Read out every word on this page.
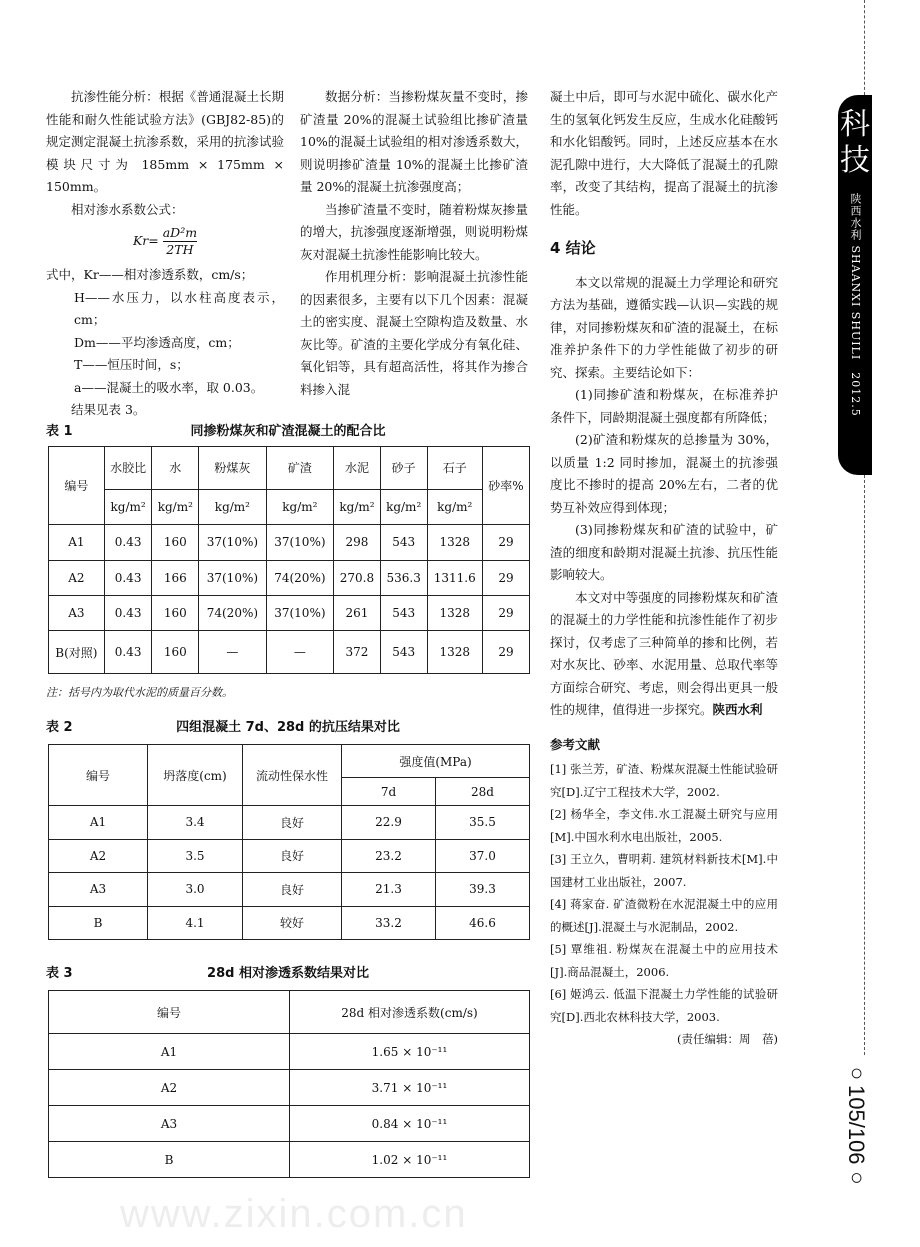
抗渗性能分析：根据《普通混凝土长期性能和耐久性能试验方法》(GBJ82-85)的规定测定混凝土抗渗系数，采用的抗渗试验模块尺寸为 185mm × 175mm × 150mm。

相对渗水系数公式：

$Kr= \frac{\text{aD²m}}{2TH}$

式中，Kr——相对渗透系数，cm/s；

H——水压力，以水柱高度表示，cm；

Dm——平均渗透高度，cm；

T——恒压时间，s；

a——混凝土的吸水率，取 0.03。

结果见表 3。

数据分析：当掺粉煤灰量不变时，掺矿渣量 20%的混凝土试验组比掺矿渣量 10%的混凝土试验组的相对渗透系数大，则说明掺矿渣量 10%的混凝土比掺矿渣量 20%的混凝土抗渗强度高；

当掺矿渣量不变时，随着粉煤灰掺量的增大，抗渗强度逐渐增强，则说明粉煤灰对混凝土抗渗性能影响比较大。

作用机理分析：影响混凝土抗渗性能的因素很多，主要有以下几个因素：混凝土的密实度、混凝土空隙构造及数量、水灰比等。矿渣的主要化学成分有氧化硅、氧化铝等，具有超高活性，将其作为掺合料掺入混

凝土中后，即可与水泥中硫化、碳水化产生的氢氧化钙发生反应，生成水化硅酸钙和水化铝酸钙。同时，上述反应基本在水泥孔隙中进行，大大降低了混凝土的孔隙率，改变了其结构，提高了混凝土的抗渗性能。

4 结论

本文以常规的混凝土力学理论和研究方法为基础，遵循实践—认识—实践的规律，对同掺粉煤灰和矿渣的混凝土，在标准养护条件下的力学性能做了初步的研究、探索。主要结论如下：

(1)同掺矿渣和粉煤灰，在标准养护条件下，同龄期混凝土强度都有所降低；

(2)矿渣和粉煤灰的总掺量为 30%，以质量 1:2 同时掺加，混凝土的抗渗强度比不掺时的提高 20%左右，二者的优势互补效应得到体现；

(3)同掺粉煤灰和矿渣的试验中，矿渣的细度和龄期对混凝土抗渗、抗压性能影响较大。

本文对中等强度的同掺粉煤灰和矿渣的混凝土的力学性能和抗渗性能作了初步探讨，仅考虑了三种简单的掺和比例，若对水灰比、砂率、水泥用量、总取代率等方面综合研究、考虑，则会得出更具一般性的规律，值得进一步探究。陕西水利

参考文献

[1] 张兰芳，矿渣、粉煤灰混凝土性能试验研究[D].辽宁工程技术大学，2002.

[2] 杨华全，李文伟.水工混凝土研究与应用[M].中国水利水电出版社，2005.

[3] 王立久，曹明莉. 建筑材料新技术[M].中国建材工业出版社，2007.

[4] 蒋家奋. 矿渣微粉在水泥混凝土中的应用的概述[J].混凝土与水泥制品，2002.

[5] 覃维祖. 粉煤灰在混凝土中的应用技术[J].商品混凝土，2006.

[6] 姬鸿云. 低温下混凝土力学性能的试验研究[D].西北农林科技大学，2003.

(责任编辑：周　蓓)

表 1	同掺粉煤灰和矿渣混凝土的配合比
编号	水胶比	水	粉煤灰	矿渣	水泥	砂子	石子	砂率%
	kg/m²	kg/m²	kg/m²	kg/m²	kg/m²	kg/m²	kg/m²	
A1	0.43	160	37(10%)	37(10%)	298	543	1328	29
A2	0.43	166	37(10%)	74(20%)	270.8	536.3	1311.6	29
A3	0.43	160	74(20%)	37(10%)	261	543	1328	29
B(对照)	0.43	160	—	—	372	543	1328	29
注：括号内为取代水泥的质量百分数。
表 2	四组混凝土 7d、28d 的抗压结果对比
编号	坍落度(cm)	流动性保水性	强度值(MPa)	
			7d	28d
A1	3.4	良好	22.9	35.5
A2	3.5	良好	23.2	37.0
A3	3.0	良好	21.3	39.3
B	4.1	较好	33.2	46.6
表 3	28d 相对渗透系数结果对比
编号	28d 相对渗透系数(cm/s)
A1	1.65 × 10⁻¹¹
A2	3.71 × 10⁻¹¹
A3	0.84 × 10⁻¹¹
B	1.02 × 10⁻¹¹
www.zixin.com.cn
科技
陕西水利 SHAANXI SHUILI　2012.5
○105/106○
